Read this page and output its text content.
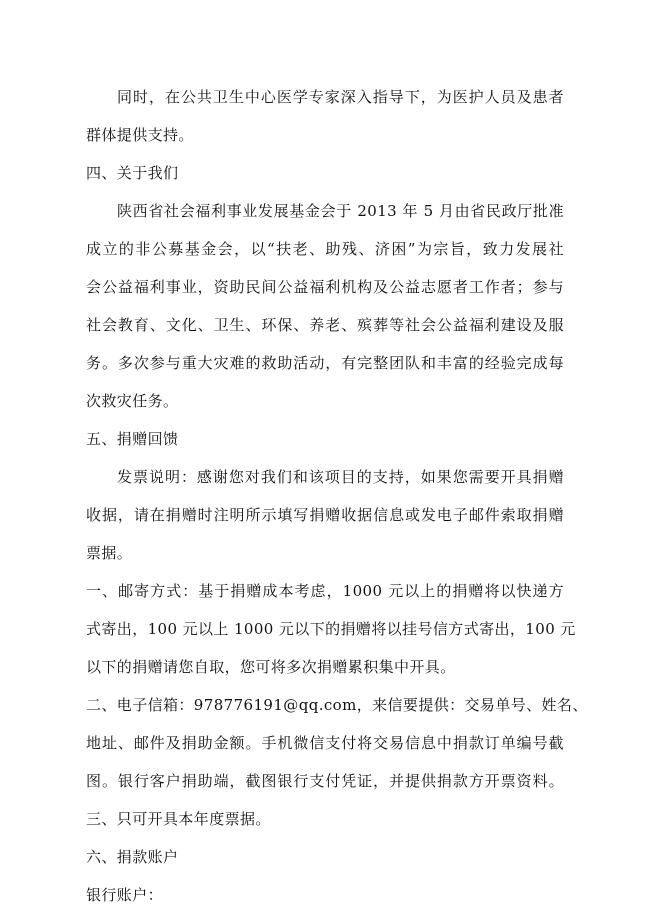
同时，在公共卫生中心医学专家深入指导下，为医护人员及患者
群体提供支持。
四、关于我们
陕西省社会福利事业发展基金会于 2013 年 5 月由省民政厅批准
成立的非公募基金会，以“扶老、助残、济困”为宗旨，致力发展社
会公益福利事业，资助民间公益福利机构及公益志愿者工作者；参与
社会教育、文化、卫生、环保、养老、殡葬等社会公益福利建设及服
务。多次参与重大灾难的救助活动，有完整团队和丰富的经验完成每
次救灾任务。
五、捐赠回馈
发票说明：感谢您对我们和该项目的支持，如果您需要开具捐赠
收据，请在捐赠时注明所示填写捐赠收据信息或发电子邮件索取捐赠
票据。
一、邮寄方式：基于捐赠成本考虑，1000 元以上的捐赠将以快递方
式寄出，100 元以上 1000 元以下的捐赠将以挂号信方式寄出，100 元
以下的捐赠请您自取，您可将多次捐赠累积集中开具。
二、电子信箱：978776191@qq.com，来信要提供：交易单号、姓名、
地址、邮件及捐助金额。手机微信支付将交易信息中捐款订单编号截
图。银行客户捐助端，截图银行支付凭证，并提供捐款方开票资料。
三、只可开具本年度票据。
六、捐款账户
银行账户：
